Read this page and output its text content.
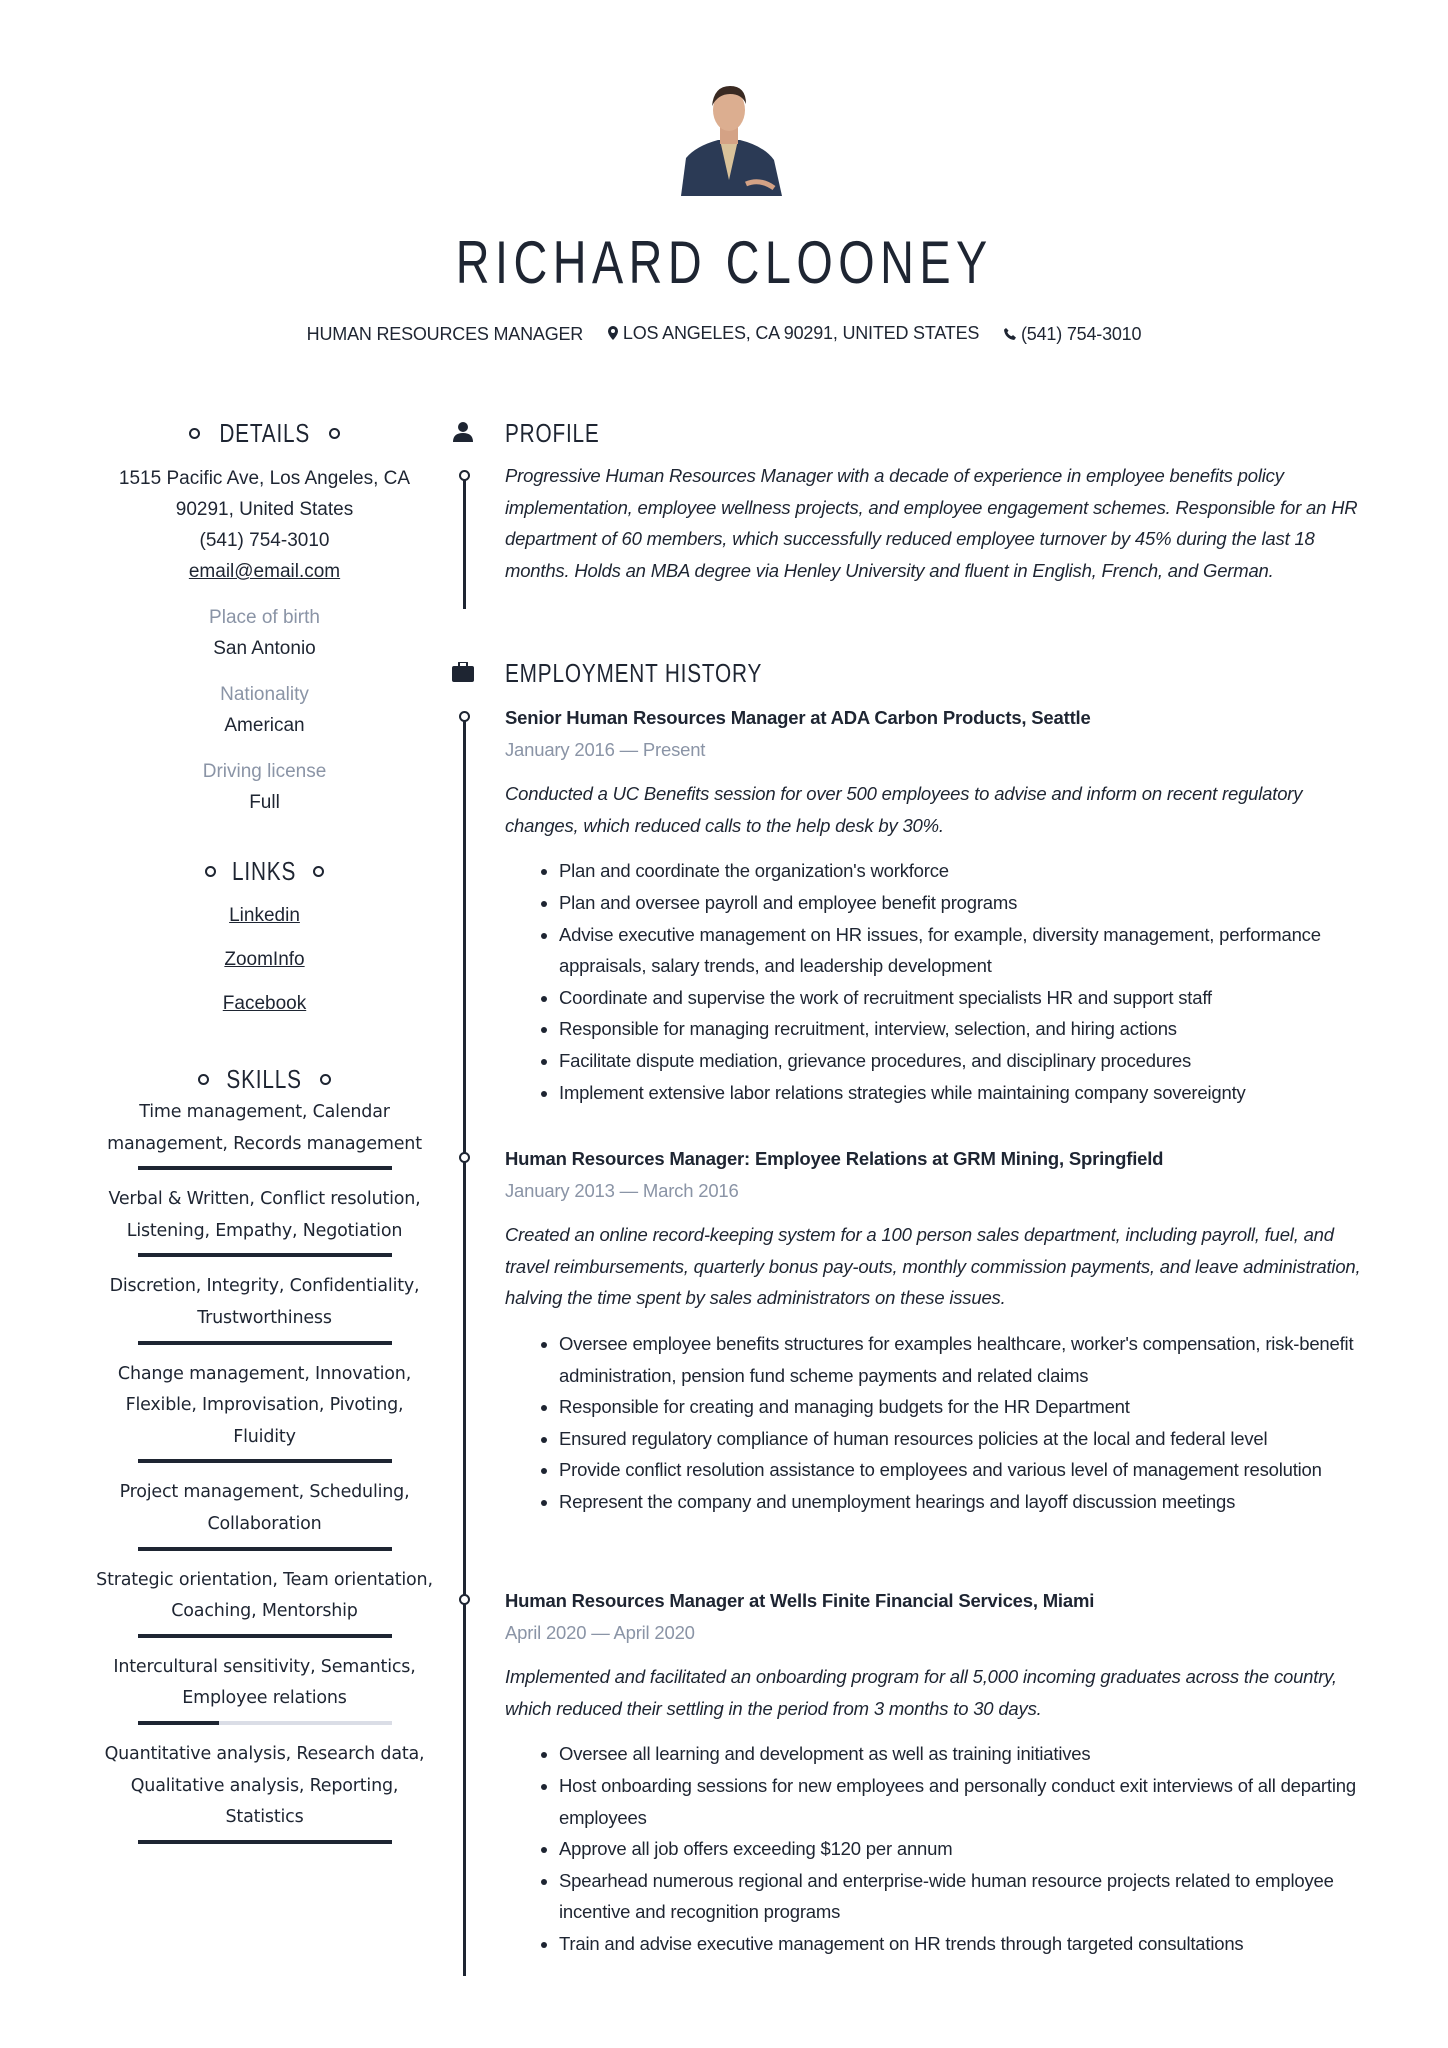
RICHARD CLOONEY
HUMAN RESOURCES MANAGER LOS ANGELES, CA 90291, UNITED STATES
(541) 754-3010
DETAILS
1515 Pacific Ave, Los Angeles, CA
90291, United States
(541) 754-3010
email@email.com
Place of birth
San Antonio
Nationality
American
Driving license
Full
LINKS
Linkedin
ZoomInfo
Facebook
SKILLS
Time management, Calendar management, Records management
Verbal & Written, Conflict resolution, Listening, Empathy, Negotiation
Discretion, Integrity, Confidentiality, Trustworthiness
Change management, Innovation, Flexible, Improvisation, Pivoting, Fluidity
Project management, Scheduling, Collaboration
Strategic orientation, Team orientation, Coaching, Mentorship
Intercultural sensitivity, Semantics, Employee relations
Quantitative analysis, Research data, Qualitative analysis, Reporting, Statistics
PROFILE
Progressive Human Resources Manager with a decade of experience in employee benefits policy implementation, employee wellness projects, and employee engagement schemes. Responsible for an HR department of 60 members, which successfully reduced employee turnover by 45% during the last 18 months. Holds an MBA degree via Henley University and fluent in English, French, and German.
EMPLOYMENT HISTORY
Senior Human Resources Manager at ADA Carbon Products, Seattle
January 2016 — Present
Conducted a UC Benefits session for over 500 employees to advise and inform on recent regulatory changes, which reduced calls to the help desk by 30%.
• Plan and coordinate the organization's workforce
• Plan and oversee payroll and employee benefit programs
• Advise executive management on HR issues, for example, diversity management, performance appraisals, salary trends, and leadership development
• Coordinate and supervise the work of recruitment specialists HR and support staff
• Responsible for managing recruitment, interview, selection, and hiring actions
• Facilitate dispute mediation, grievance procedures, and disciplinary procedures
• Implement extensive labor relations strategies while maintaining company sovereignty
Human Resources Manager: Employee Relations at GRM Mining, Springfield
January 2013 — March 2016
Created an online record-keeping system for a 100 person sales department, including payroll, fuel, and travel reimbursements, quarterly bonus pay-outs, monthly commission payments, and leave administration, halving the time spent by sales administrators on these issues.
• Oversee employee benefits structures for examples healthcare, worker's compensation, risk-benefit administration, pension fund scheme payments and related claims
• Responsible for creating and managing budgets for the HR Department
• Ensured regulatory compliance of human resources policies at the local and federal level
• Provide conflict resolution assistance to employees and various level of management resolution
• Represent the company and unemployment hearings and layoff discussion meetings
Human Resources Manager at Wells Finite Financial Services, Miami
April 2020 — April 2020
Implemented and facilitated an onboarding program for all 5,000 incoming graduates across the country, which reduced their settling in the period from 3 months to 30 days.
• Oversee all learning and development as well as training initiatives
• Host onboarding sessions for new employees and personally conduct exit interviews of all departing employees
• Approve all job offers exceeding $120 per annum
• Spearhead numerous regional and enterprise-wide human resource projects related to employee incentive and recognition programs
• Train and advise executive management on HR trends through targeted consultations
